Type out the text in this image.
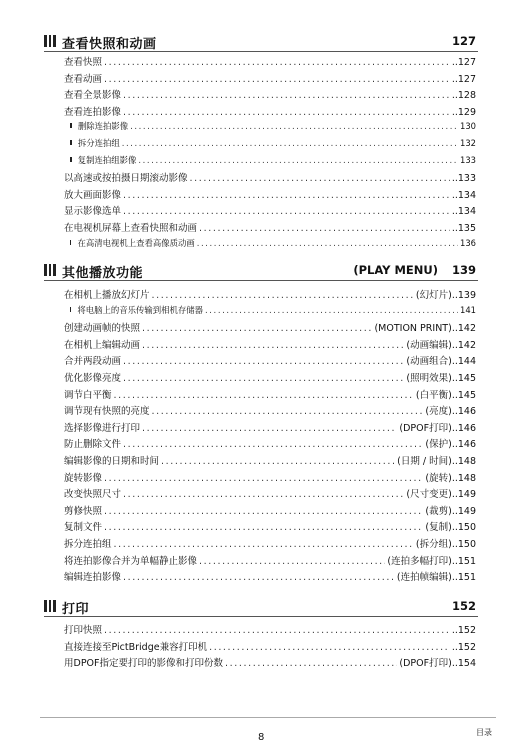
查看快照和动画	127
查看快照 .....	..127
查看动画 .....	..127
查看全景影像 .....	..128
查看连拍影像 .....	..129
删除连拍影像 .....	130
拆分连拍组 .....	132
复制连拍组影像 .....	133
以高速或按拍摄日期滚动影像 .....	..133
放大画面影像 .....	..134
显示影像选单 .....	..134
在电视机屏幕上查看快照和动画 .....	..135
在高清电视机上查看高像质动画 .....	136
其他播放功能	(PLAY MENU) 139
在相机上播放幻灯片 .....	(幻灯片) ..139
将电脑上的音乐传输到相机存储器 .....	141
创建动画帧的快照 .....	(MOTION PRINT) ..142
在相机上编辑动画 .....	(动画编辑) ..142
合并两段动画 .....	(动画组合) ..144
优化影像亮度 .....	(照明效果) ..145
调节白平衡 .....	(白平衡) ..145
调节现有快照的亮度 .....	(亮度) ..146
选择影像进行打印 .....	(DPOF打印) ..146
防止删除文件 .....	(保护) ..146
编辑影像的日期和时间 .....	(日期 / 时间) ..148
旋转影像 .....	(旋转) ..148
改变快照尺寸 .....	(尺寸变更) ..149
剪修快照 .....	(裁剪) ..149
复制文件 .....	(复制) ..150
拆分连拍组 .....	(拆分组) ..150
将连拍影像合并为单幅静止影像 .....	(连拍多幅打印) ..151
编辑连拍影像 .....	(连拍帧编辑) ..151
打印	152
打印快照 .....	..152
直接连接至PictBridge兼容打印机 .....	..152
用DPOF指定要打印的影像和打印份数 .....	(DPOF打印) ..154
8	目录
